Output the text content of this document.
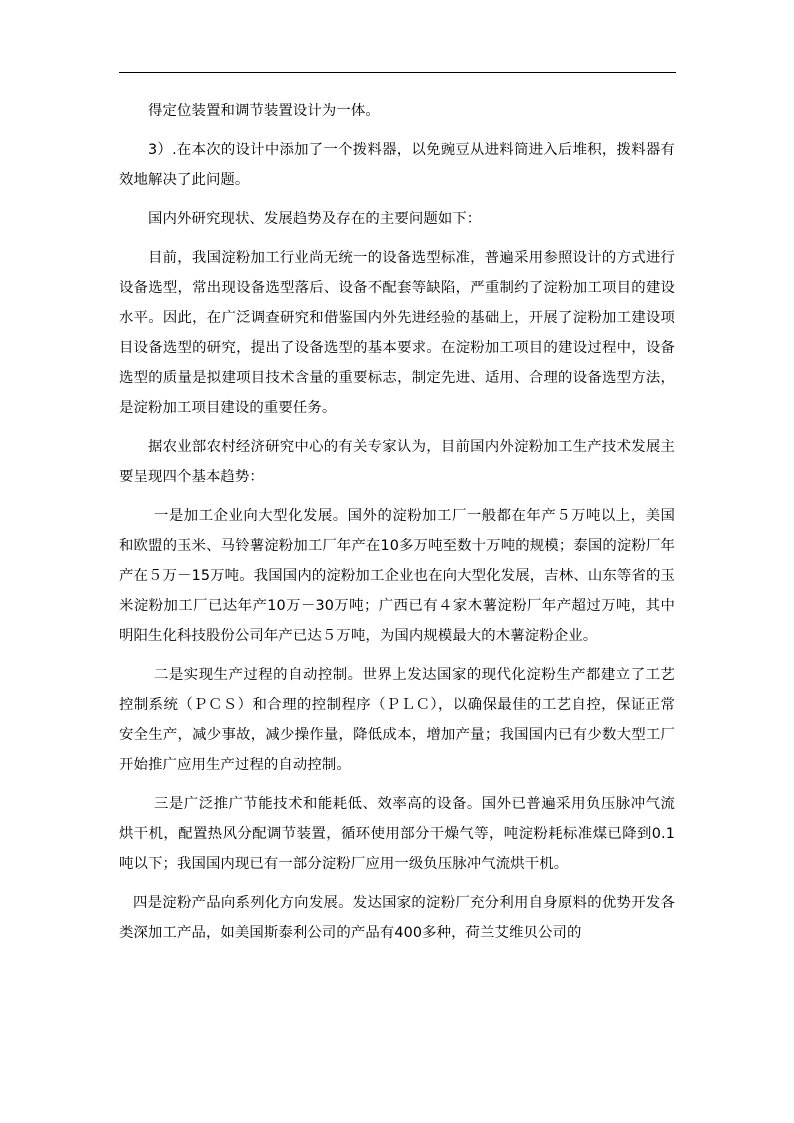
得定位装置和调节装置设计为一体。

3）.在本次的设计中添加了一个拨料器，以免豌豆从进料筒进入后堆积，拨料器有效地解决了此问题。

国内外研究现状、发展趋势及存在的主要问题如下：

目前，我国淀粉加工行业尚无统一的设备选型标准，普遍采用参照设计的方式进行设备选型，常出现设备选型落后、设备不配套等缺陷，严重制约了淀粉加工项目的建设水平。因此，在广泛调查研究和借鉴国内外先进经验的基础上，开展了淀粉加工建设项目设备选型的研究，提出了设备选型的基本要求。在淀粉加工项目的建设过程中，设备选型的质量是拟建项目技术含量的重要标志，制定先进、适用、合理的设备选型方法，是淀粉加工项目建设的重要任务。

据农业部农村经济研究中心的有关专家认为，目前国内外淀粉加工生产技术发展主要呈现四个基本趋势：

一是加工企业向大型化发展。国外的淀粉加工厂一般都在年产５万吨以上，美国和欧盟的玉米、马铃薯淀粉加工厂年产在10多万吨至数十万吨的规模；泰国的淀粉厂年产在５万－15万吨。我国国内的淀粉加工企业也在向大型化发展，吉林、山东等省的玉米淀粉加工厂已达年产10万－30万吨；广西已有４家木薯淀粉厂年产超过万吨，其中明阳生化科技股份公司年产已达５万吨，为国内规模最大的木薯淀粉企业。

二是实现生产过程的自动控制。世界上发达国家的现代化淀粉生产都建立了工艺控制系统（ＰＣＳ）和合理的控制程序（ＰＬＣ），以确保最佳的工艺自控，保证正常安全生产，减少事故，减少操作量，降低成本，增加产量；我国国内已有少数大型工厂开始推广应用生产过程的自动控制。

三是广泛推广节能技术和能耗低、效率高的设备。国外已普遍采用负压脉冲气流烘干机，配置热风分配调节装置，循环使用部分干燥气等，吨淀粉耗标准煤已降到0.1吨以下；我国国内现已有一部分淀粉厂应用一级负压脉冲气流烘干机。

四是淀粉产品向系列化方向发展。发达国家的淀粉厂充分利用自身原料的优势开发各类深加工产品，如美国斯泰利公司的产品有400多种，荷兰艾维贝公司的
